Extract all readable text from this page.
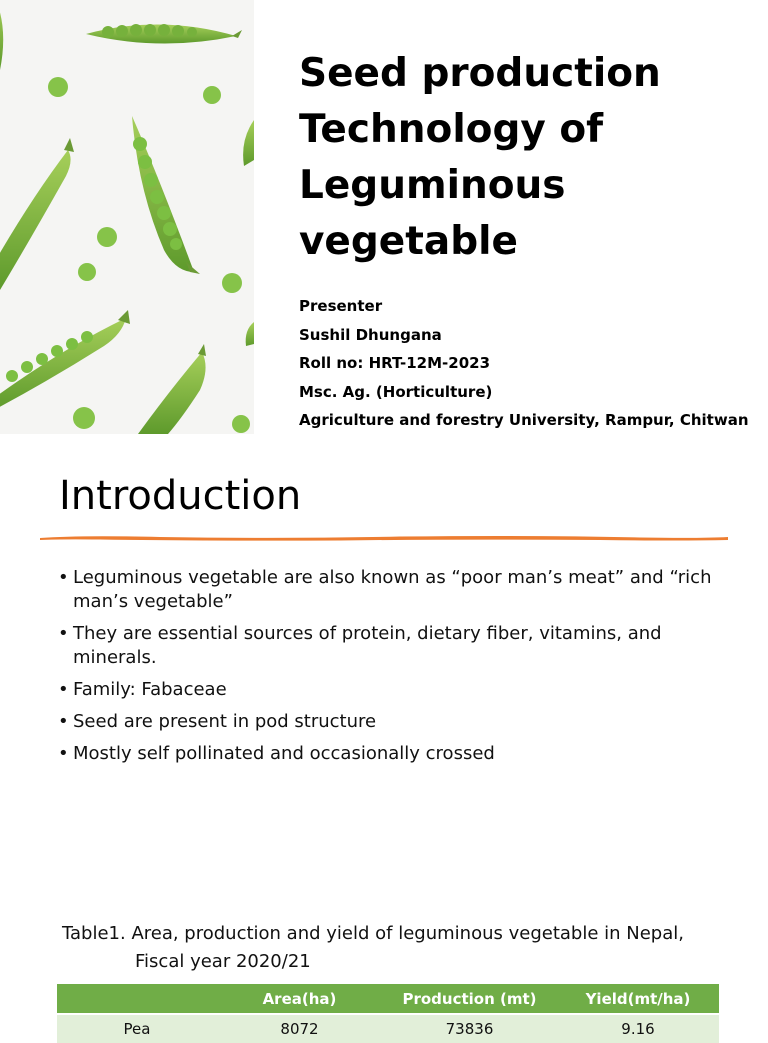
Seed production
Technology of
Leguminous
vegetable
Presenter
Sushil Dhungana
Roll no: HRT-12M-2023
Msc. Ag. (Horticulture)
Agriculture and forestry University, Rampur, Chitwan
Introduction
• Leguminous vegetable are also known as “poor man’s meat” and “rich man’s vegetable”
• They are essential sources of protein, dietary fiber, vitamins, and minerals.
• Family: Fabaceae
• Seed are present in pod structure
• Mostly self pollinated and occasionally crossed
Table1. Area, production and yield of leguminous vegetable in Nepal,
Fiscal year 2020/21
	Area(ha)	Production (mt)	Yield(mt/ha)
Pea	8072	73836	9.16
